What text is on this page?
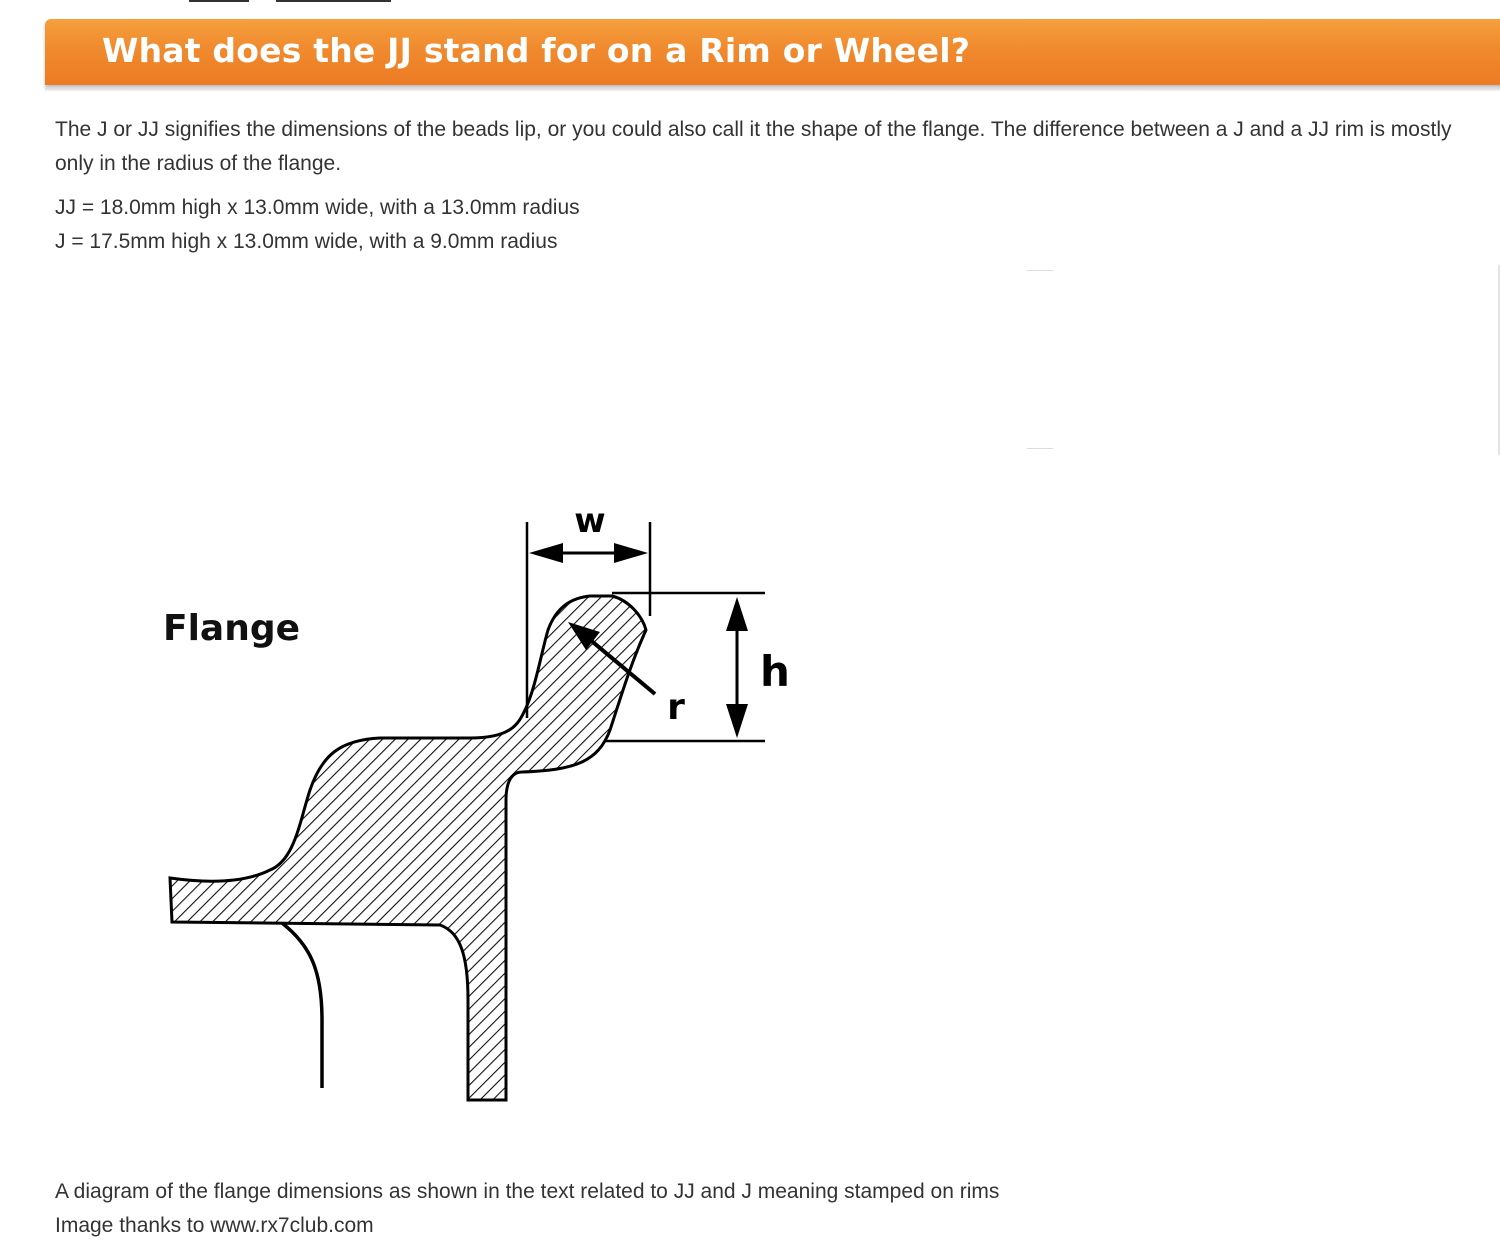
What does the JJ stand for on a Rim or Wheel?

The J or JJ signifies the dimensions of the beads lip, or you could also call it the shape of the flange. The difference between a J and a JJ rim is mostly only in the radius of the flange.

JJ = 18.0mm high x 13.0mm wide, with a 13.0mm radius

J = 17.5mm high x 13.0mm wide, with a 9.0mm radius

w
h
r
Flange

A diagram of the flange dimensions as shown in the text related to JJ and J meaning stamped on rims

Image thanks to www.rx7club.com
